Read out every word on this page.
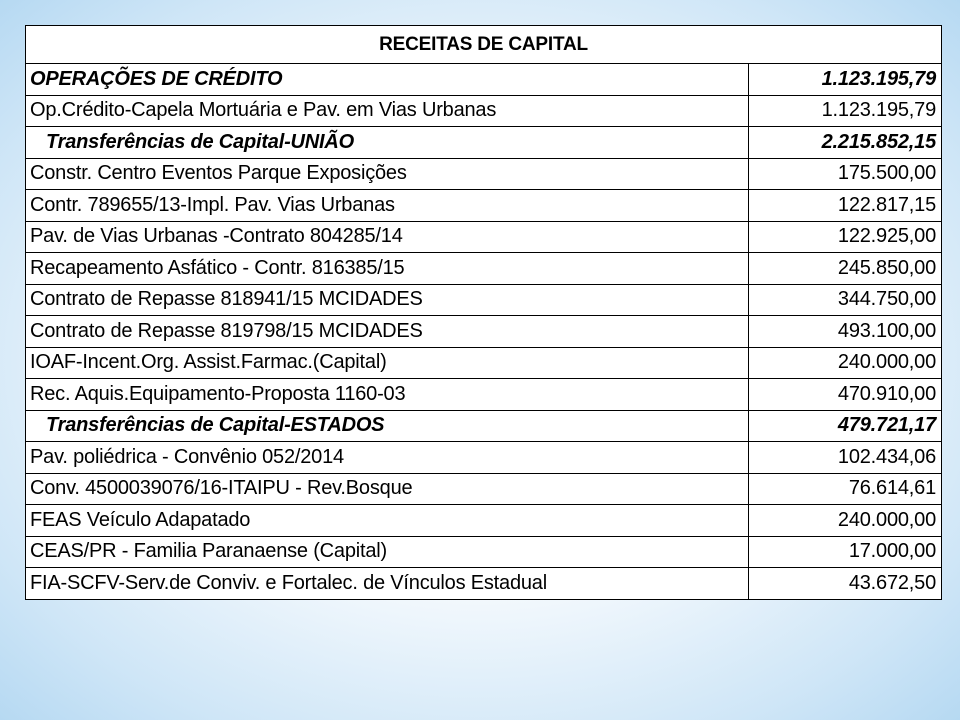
RECEITAS DE CAPITAL	
OPERAÇÕES DE CRÉDITO	1.123.195,79
Op.Crédito-Capela Mortuária e Pav. em Vias Urbanas	1.123.195,79
Transferências de Capital-UNIÃO	2.215.852,15
Constr. Centro Eventos Parque Exposições	175.500,00
Contr. 789655/13-Impl. Pav. Vias Urbanas	122.817,15
Pav. de Vias Urbanas -Contrato 804285/14	122.925,00
Recapeamento Asfático - Contr. 816385/15	245.850,00
Contrato de Repasse 818941/15 MCIDADES	344.750,00
Contrato de Repasse 819798/15 MCIDADES	493.100,00
IOAF-Incent.Org. Assist.Farmac.(Capital)	240.000,00
Rec. Aquis.Equipamento-Proposta 1160-03	470.910,00
Transferências de Capital-ESTADOS	479.721,17
Pav. poliédrica - Convênio 052/2014	102.434,06
Conv. 4500039076/16-ITAIPU - Rev.Bosque	76.614,61
FEAS Veículo Adapatado	240.000,00
CEAS/PR - Familia Paranaense (Capital)	17.000,00
FIA-SCFV-Serv.de Conviv. e Fortalec. de Vínculos Estadual	43.672,50
